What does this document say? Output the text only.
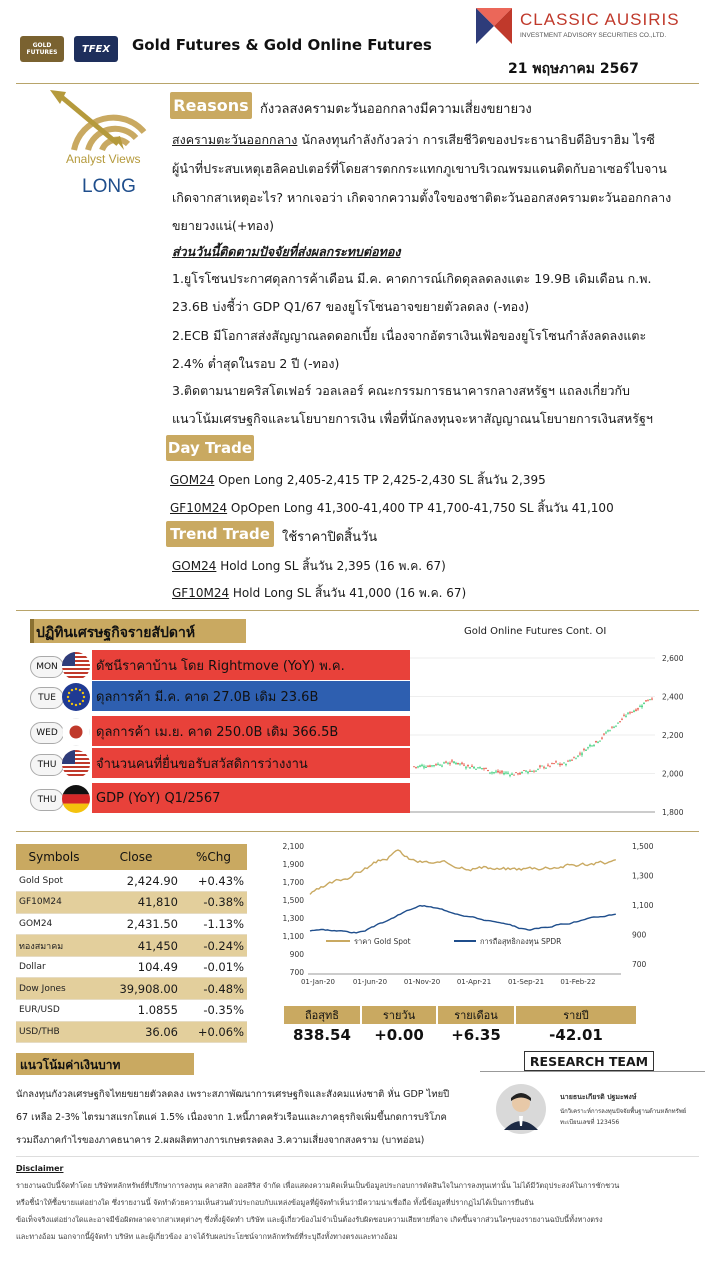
GOLD FUTURES	TFEX Gold Futures & Gold Online Futures
CLASSIC AUSIRIS
INVESTMENT ADVISORY SECURITIES CO.,LTD.
21 พฤษภาคม 2567
Analyst Views
LONG
Reasons กังวลสงครามตะวันออกกลางมีความเสี่ยงขยายวง
สงครามตะวันออกกลาง นักลงทุนกำลังกังวลว่า การเสียชีวิตของประธานาธิบดีอิบราฮิม ไรซี
ผู้นำที่ประสบเหตุเฮลิคอปเตอร์ที่โดยสารตกกระแทกภูเขาบริเวณพรมแดนติดกับอาเซอร์ไบจาน
เกิดจากสาเหตุอะไร? หากเจอว่า เกิดจากความตั้งใจของชาติตะวันออกสงครามตะวันออกกลาง
ขยายวงแน่(+ทอง)
ส่วนวันนี้ติดตามปัจจัยที่ส่งผลกระทบต่อทอง
1.ยูโรโซนประกาศดุลการค้าเดือน มี.ค. คาดการณ์เกิดดุลลดลงแตะ 19.9B เดิมเดือน ก.พ.
23.6B บ่งชี้ว่า GDP Q1/67 ของยูโรโซนอาจขยายตัวลดลง (-ทอง)
2.ECB มีโอกาสส่งสัญญาณลดดอกเบี้ย เนื่องจากอัตราเงินเฟ้อของยูโรโซนกำลังลดลงแตะ
2.4% ต่ำสุดในรอบ 2 ปี (-ทอง)
3.ติดตามนายคริสโตเฟอร์ วอลเลอร์ คณะกรรมการธนาคารกลางสหรัฐฯ แถลงเกี่ยวกับ
แนวโน้มเศรษฐกิจและนโยบายการเงิน เพื่อที่นักลงทุนจะหาสัญญาณนโยบายการเงินสหรัฐฯ
Day Trade
GOM24 Open Long 2,405-2,415 TP 2,425-2,430 SL สิ้นวัน 2,395
GF10M24 OpOpen Long 41,300-41,400 TP 41,700-41,750 SL สิ้นวัน 41,100
Trend Trade ใช้ราคาปิดสิ้นวัน
GOM24 Hold Long SL สิ้นวัน 2,395 (16 พ.ค. 67)
GF10M24 Hold Long SL สิ้นวัน 41,000 (16 พ.ค. 67)
ปฏิทินเศรษฐกิจรายสัปดาห์
MON	ดัชนีราคาบ้าน โดย Rightmove (YoY) พ.ค.
TUE	ดุลการค้า มี.ค. คาด 27.0B เดิม 23.6B
WED	ดุลการค้า เม.ย. คาด 250.0B เดิม 366.5B
THU	จำนวนคนที่ยื่นขอรับสวัสดิการว่างงาน
THU	GDP (YoY) Q1/2567
Gold Online Futures Cont. OI
2,600
2,400
2,200
2,000
1,800
Symbols	Close	%Chg
Gold Spot	2,424.90	+0.43%
GF10M24	41,810	-0.38%
GOM24	2,431.50	-1.13%
ทองสมาคม	41,450	-0.24%
Dollar	104.49	-0.01%
Dow Jones	39,908.00	-0.48%
EUR/USD	1.0855	-0.35%
USD/THB	36.06	+0.06%
2,100
1,900
1,700
1,500
1,300
1,100
900
700
1,500
1,300
1,100
900
700
01-Jan-20	01-Jun-20 01-Nov-20 01-Apr-21 01-Sep-21 01-Feb-22
ราคา Gold Spot	การถือสุทธิกองทุน SPDR
ถือสุทธิ
838.54
รายวัน
+0.00
รายเดือน
+6.35
รายปี
-42.01
แนวโน้มค่าเงินบาท
นักลงทุนกังวลเศรษฐกิจไทยขยายตัวลดลง เพราะสภาพัฒนาการเศรษฐกิจและสังคมแห่งชาติ หั่น GDP ไทยปี
67 เหลือ 2-3% ไตรมาสแรกโตแค่ 1.5% เนื่องจาก 1.หนี้ภาคครัวเรือนและภาคธุรกิจเพิ่มขึ้นกดการบริโภค
รวมถึงภาคกำไรของภาคธนาคาร 2.ผลผลิตทางการเกษตรลดลง 3.ความเสี่ยงจากสงคราม (บาทอ่อน)
RESEARCH TEAM
นายธนะเกียรติ ปฐมะพงษ์
นักวิเคราะห์การลงทุนปัจจัยพื้นฐานด้านหลักทรัพย์
ทะเบียนเลขที่ 123456
Disclaimer
รายงานฉบับนี้จัดทำโดย บริษัทหลักทรัพย์ที่ปรึกษาการลงทุน คลาสสิก ออสสิริส จำกัด เพื่อแสดงความคิดเห็นเป็นข้อมูลประกอบการตัดสินใจในการลงทุนเท่านั้น ไม่ได้มีวัตถุประสงค์ในการชักชวน
หรือชี้นำให้ซื้อขายแต่อย่างใด ซึ่งรายงานนี้ จัดทำด้วยความเห็นส่วนตัวประกอบกับแหล่งข้อมูลที่ผู้จัดทำเห็นว่ามีความน่าเชื่อถือ ทั้งนี้ข้อมูลที่ปรากฏไม่ได้เป็นการยืนยัน
ข้อเท็จจริงแต่อย่างใดและอาจมีข้อผิดพลาดจากสาเหตุต่างๆ ซึ่งทั้งผู้จัดทำ บริษัท และผู้เกี่ยวข้องไม่จำเป็นต้องรับผิดชอบความเสียหายที่อาจ เกิดขึ้นจากส่วนใดๆของรายงานฉบับนี้ทั้งทางตรง
และทางอ้อม นอกจากนี้ผู้จัดทำ บริษัท และผู้เกี่ยวข้อง อาจได้รับผลประโยชน์จากหลักทรัพย์ที่ระบุถึงทั้งทางตรงและทางอ้อม
